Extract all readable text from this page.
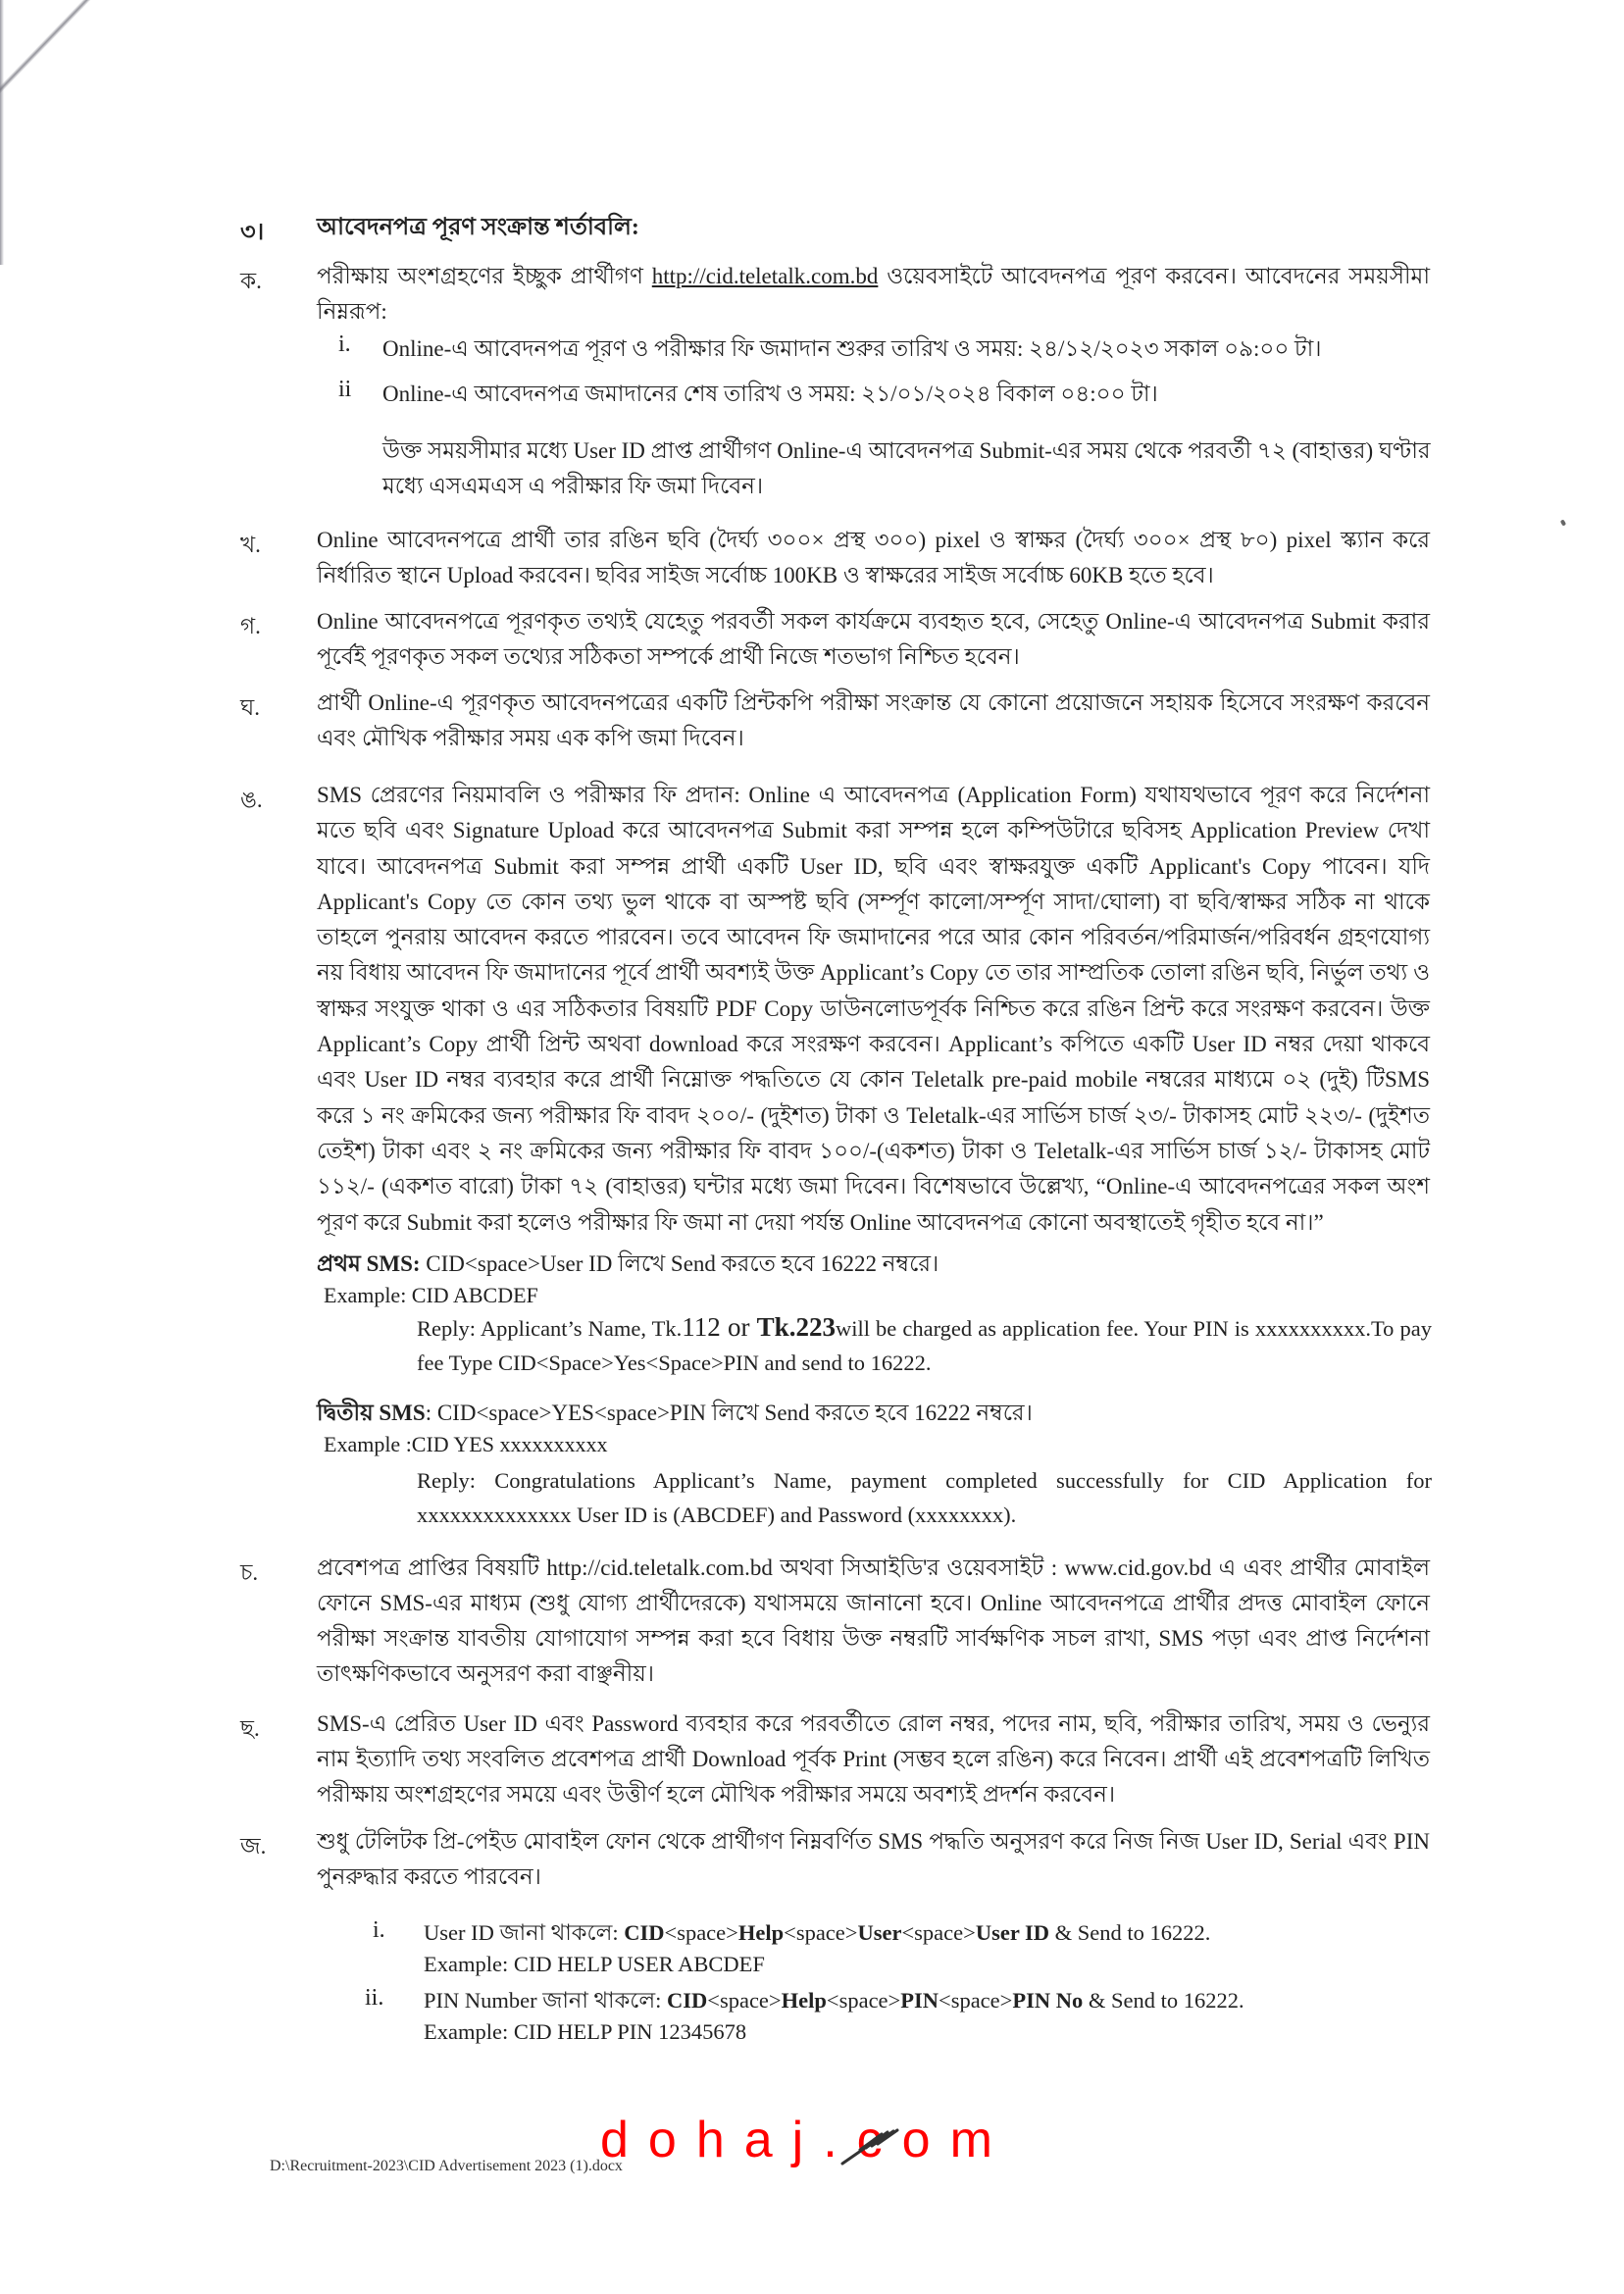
৩। আবেদনপত্র পূরণ সংক্রান্ত শর্তাবলি:
ক. পরীক্ষায় অংশগ্রহণের ইচ্ছুক প্রার্থীগণ http://cid.teletalk.com.bd ওয়েবসাইটে আবেদনপত্র পূরণ করবেন। আবেদনের সময়সীমা নিম্নরূপ:
i. Online-এ আবেদনপত্র পূরণ ও পরীক্ষার ফি জমাদান শুরুর তারিখ ও সময়: ২৪/১২/২০২৩ সকাল ০৯:০০ টা।
ii Online-এ আবেদনপত্র জমাদানের শেষ তারিখ ও সময়: ২১/০১/২০২৪ বিকাল ০৪:০০ টা।
উক্ত সময়সীমার মধ্যে User ID প্রাপ্ত প্রার্থীগণ Online-এ আবেদনপত্র Submit-এর সময় থেকে পরবর্তী ৭২ (বাহাত্তর) ঘণ্টার মধ্যে এসএমএস এ পরীক্ষার ফি জমা দিবেন।
খ. Online আবেদনপত্রে প্রার্থী তার রঙিন ছবি (দৈর্ঘ্য ৩০০× প্রস্থ ৩০০) pixel ও স্বাক্ষর (দৈর্ঘ্য ৩০০× প্রস্থ ৮০) pixel স্ক্যান করে নির্ধারিত স্থানে Upload করবেন। ছবির সাইজ সর্বোচ্চ 100KB ও স্বাক্ষরের সাইজ সর্বোচ্চ 60KB হতে হবে।
গ. Online আবেদনপত্রে পূরণকৃত তথ্যই যেহেতু পরবর্তী সকল কার্যক্রমে ব্যবহৃত হবে, সেহেতু Online-এ আবেদনপত্র Submit করার পূর্বেই পূরণকৃত সকল তথ্যের সঠিকতা সম্পর্কে প্রার্থী নিজে শতভাগ নিশ্চিত হবেন।
ঘ.	প্রার্থী Online-এ পূরণকৃত আবেদনপত্রের একটি প্রিন্টকপি পরীক্ষা সংক্রান্ত যে কোনো প্রয়োজনে সহায়ক হিসেবে সংরক্ষণ করবেন এবং মৌখিক পরীক্ষার সময় এক কপি জমা দিবেন।
ঙ. SMS প্রেরণের নিয়মাবলি ও পরীক্ষার ফি প্রদান: Online এ আবেদনপত্র (Application Form) যথাযথভাবে পূরণ করে নির্দেশনা মতে ছবি এবং Signature Upload করে আবেদনপত্র Submit করা সম্পন্ন হলে কম্পিউটারে ছবিসহ Application Preview দেখা যাবে। আবেদনপত্র Submit করা সম্পন্ন প্রার্থী একটি User ID, ছবি এবং স্বাক্ষরযুক্ত একটি Applicant's Copy পাবেন। যদি Applicant's Copy তে কোন তথ্য ভুল থাকে বা অস্পষ্ট ছবি (সর্ম্পূণ কালো/সর্ম্পূণ সাদা/ঘোলা) বা ছবি/স্বাক্ষর সঠিক না থাকে তাহলে পুনরায় আবেদন করতে পারবেন। তবে আবেদন ফি জমাদানের পরে আর কোন পরিবর্তন/পরিমার্জন/পরিবর্ধন গ্রহণযোগ্য নয় বিধায় আবেদন ফি জমাদানের পূর্বে প্রার্থী অবশ্যই উক্ত Applicant’s Copy তে তার সাম্প্রতিক তোলা রঙিন ছবি, নির্ভুল তথ্য ও স্বাক্ষর সংযুক্ত থাকা ও এর সঠিকতার বিষয়টি PDF Copy ডাউনলোডপূর্বক নিশ্চিত করে রঙিন প্রিন্ট করে সংরক্ষণ করবেন। উক্ত Applicant’s Copy প্রার্থী প্রিন্ট অথবা download করে সংরক্ষণ করবেন। Applicant’s কপিতে একটি User ID নম্বর দেয়া থাকবে এবং User ID নম্বর ব্যবহার করে প্রার্থী নিম্নোক্ত পদ্ধতিতে যে কোন Teletalk pre-paid mobile নম্বরের মাধ্যমে ০২ (দুই) টিSMS করে ১ নং ক্রমিকের জন্য পরীক্ষার ফি বাবদ ২০০/- (দুইশত) টাকা ও Teletalk-এর সার্ভিস চার্জ ২৩/- টাকাসহ মোট ২২৩/- (দুইশত তেইশ) টাকা এবং ২ নং ক্রমিকের জন্য পরীক্ষার ফি বাবদ ১০০/-(একশত) টাকা ও Teletalk-এর সার্ভিস চার্জ ১২/- টাকাসহ মোট ১১২/- (একশত বারো) টাকা ৭২ (বাহাত্তর) ঘন্টার মধ্যে জমা দিবেন। বিশেষভাবে উল্লেখ্য, “Online-এ আবেদনপত্রের সকল অংশ পূরণ করে Submit করা হলেও পরীক্ষার ফি জমা না দেয়া পর্যন্ত Online আবেদনপত্র কোনো অবস্থাতেই গৃহীত হবে না।”
প্রথম SMS: CID<space>User ID লিখে Send করতে হবে 16222 নম্বরে।
Example: CID ABCDEF
Reply: Applicant’s Name, Tk.112 or Tk.223will be charged as application fee. Your PIN is xxxxxxxxxx.To pay fee Type CID<Space>Yes<Space>PIN and send to 16222.
দ্বিতীয় SMS: CID<space>YES<space>PIN লিখে Send করতে হবে 16222 নম্বরে।
Example :CID YES xxxxxxxxxx
Reply: Congratulations Applicant’s Name, payment completed successfully for CID Application for xxxxxxxxxxxxxx User ID is (ABCDEF) and Password (xxxxxxxx).
চ.	প্রবেশপত্র প্রাপ্তির বিষয়টি http://cid.teletalk.com.bd অথবা সিআইডি'র ওয়েবসাইট : www.cid.gov.bd এ এবং প্রার্থীর মোবাইল ফোনে SMS-এর মাধ্যম (শুধু যোগ্য প্রার্থীদেরকে) যথাসময়ে জানানো হবে। Online আবেদনপত্রে প্রার্থীর প্রদত্ত মোবাইল ফোনে পরীক্ষা সংক্রান্ত যাবতীয় যোগাযোগ সম্পন্ন করা হবে বিধায় উক্ত নম্বরটি সার্বক্ষণিক সচল রাখা, SMS পড়া এবং প্রাপ্ত নির্দেশনা তাৎক্ষণিকভাবে অনুসরণ করা বাঞ্ছনীয়।
ছ.	SMS-এ প্রেরিত User ID এবং Password ব্যবহার করে পরবর্তীতে রোল নম্বর, পদের নাম, ছবি, পরীক্ষার তারিখ, সময় ও ভেন্যুর নাম ইত্যাদি তথ্য সংবলিত প্রবেশপত্র প্রার্থী Download পূর্বক Print (সম্ভব হলে রঙিন) করে নিবেন। প্রার্থী এই প্রবেশপত্রটি লিখিত পরীক্ষায় অংশগ্রহণের সময়ে এবং উত্তীর্ণ হলে মৌখিক পরীক্ষার সময়ে অবশ্যই প্রদর্শন করবেন।
জ. শুধু টেলিটক প্রি-পেইড মোবাইল ফোন থেকে প্রার্থীগণ নিম্নবর্ণিত SMS পদ্ধতি অনুসরণ করে নিজ নিজ User ID, Serial এবং PIN পুনরুদ্ধার করতে পারবেন।
i. User ID জানা থাকলে: CID<space>Help<space>User<space>User ID & Send to 16222.
Example: CID HELP USER ABCDEF
ii. PIN Number জানা থাকলে: CID<space>Help<space>PIN<space>PIN No & Send to 16222.
Example: CID HELP PIN 12345678
dohaj.com
D:\Recruitment-2023\CID Advertisement 2023 (1).docx
